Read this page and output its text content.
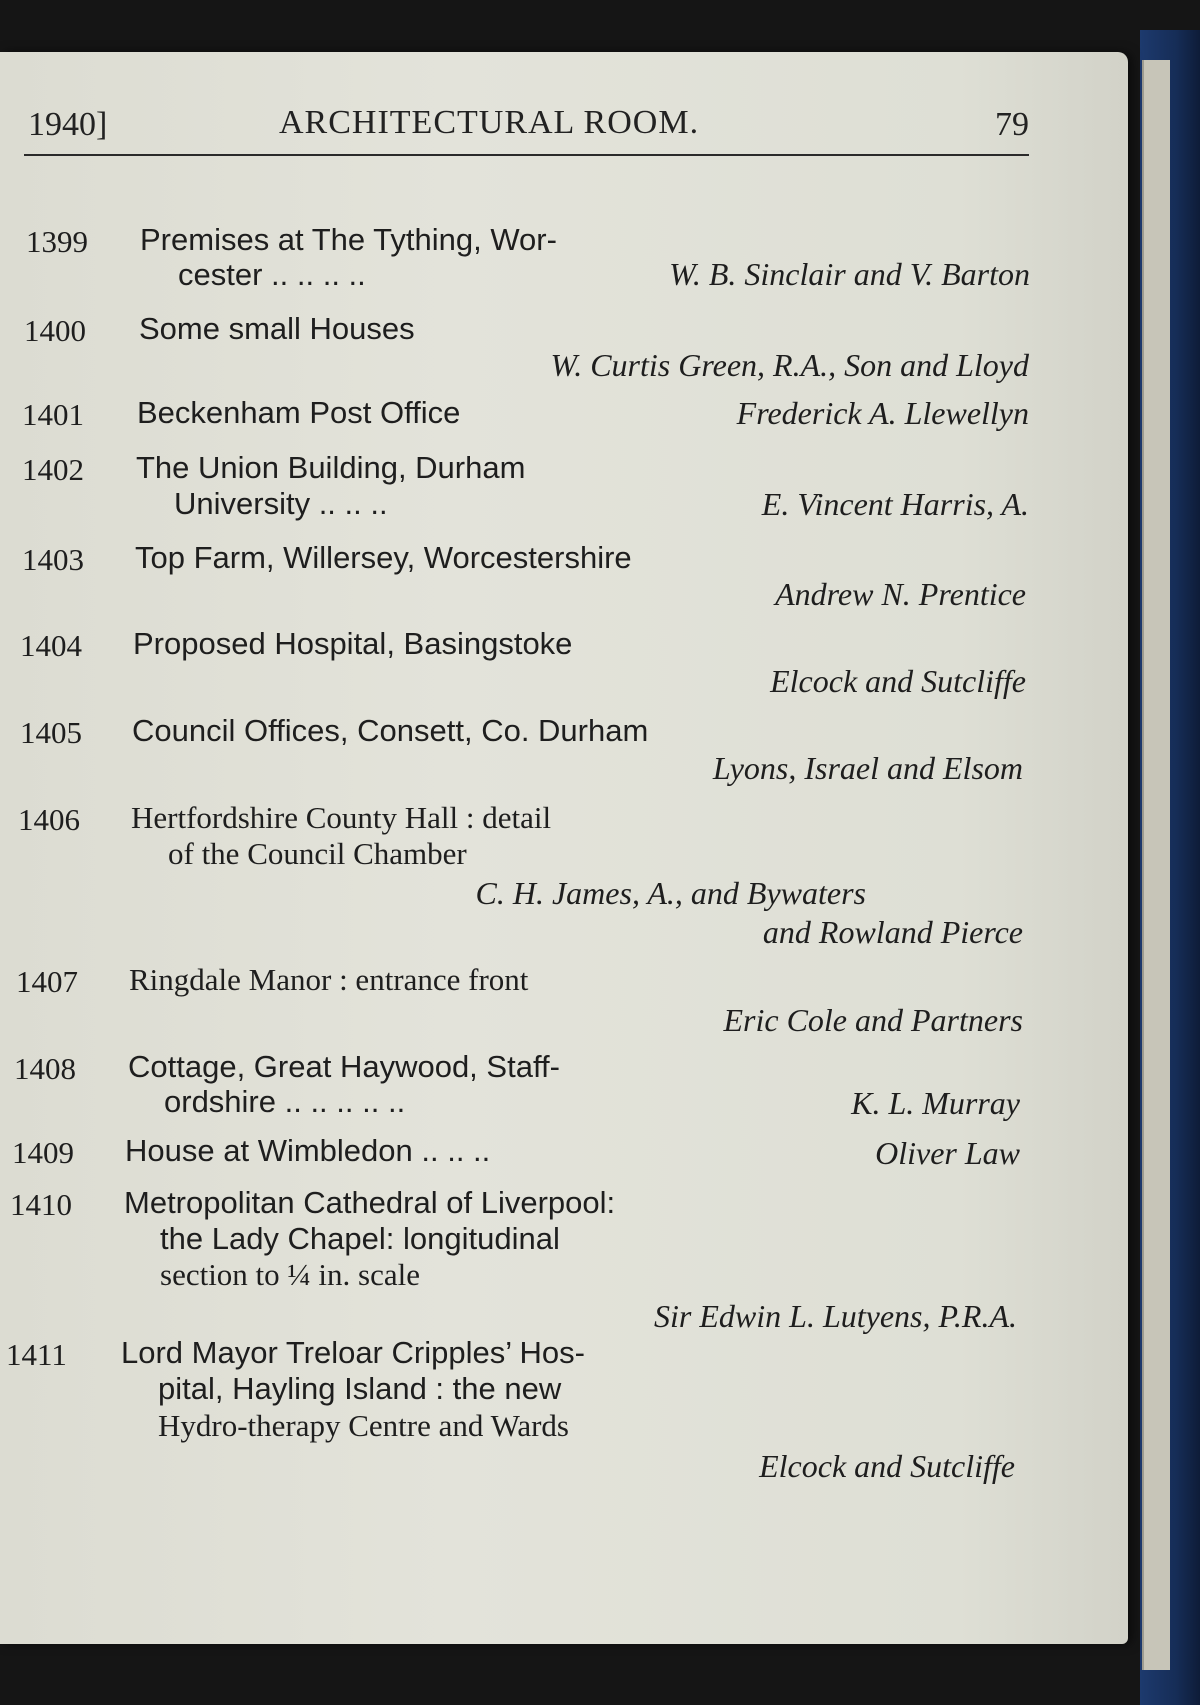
1940]	ARCHITECTURAL ROOM.	79
1399 Premises at The Tything, Wor-
cester .. .. .. ..	W. B. Sinclair and V. Barton
1400 Some small Houses
W. Curtis Green, R.A., Son and Lloyd
1401 Beckenham Post Office	Frederick A. Llewellyn
1402 The Union Building, Durham
University .. .. ..	E. Vincent Harris, A.
1403 Top Farm, Willersey, Worcestershire
Andrew N. Prentice
1404 Proposed Hospital, Basingstoke
Elcock and Sutcliffe
1405 Council Offices, Consett, Co. Durham
Lyons, Israel and Elsom
1406 Hertfordshire County Hall : detail
of the Council Chamber
C. H. James, A., and Bywaters
and Rowland Pierce
1407 Ringdale Manor : entrance front
Eric Cole and Partners
1408 Cottage, Great Haywood, Staff-
ordshire .. .. .. .. ..	K. L. Murray
1409 House at Wimbledon .. .. ..	Oliver Law
1410 Metropolitan Cathedral of Liverpool:
the Lady Chapel: longitudinal
section to ¼ in. scale
Sir Edwin L. Lutyens, P.R.A.
1411 Lord Mayor Treloar Cripples’ Hos-
pital, Hayling Island : the new
Hydro-therapy Centre and Wards
Elcock and Sutcliffe
